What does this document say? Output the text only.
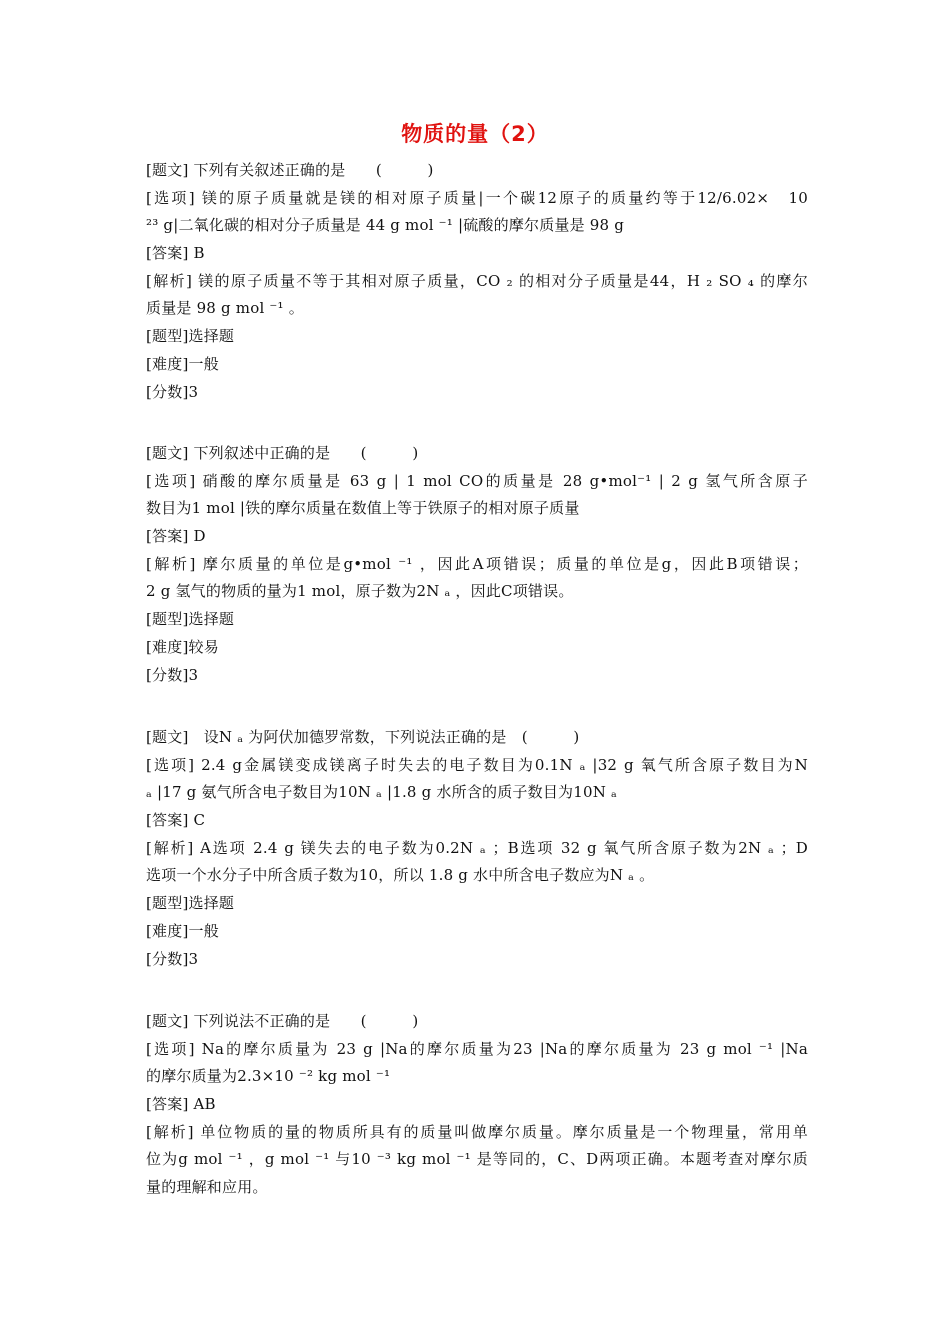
物质的量（2）
[题文] 下列有关叙述正确的是　　(　　　)
[选项] 镁的原子质量就是镁的相对原子质量|一个碳12原子的质量约等于12/6.02×　10
²³ g|二氧化碳的相对分子质量是 44 g mol ⁻¹ |硫酸的摩尔质量是 98 g
[答案] B
[解析] 镁的原子质量不等于其相对原子质量，CO ₂ 的相对分子质量是44，H ₂ SO ₄ 的摩尔
质量是 98 g mol ⁻¹ 。
[题型]选择题
[难度]一般
[分数]3
[题文] 下列叙述中正确的是　　(　　　)
[选项] 硝酸的摩尔质量是 63 g | 1 mol CO的质量是 28 g•mol⁻¹ | 2 g 氢气所含原子
数目为1 mol |铁的摩尔质量在数值上等于铁原子的相对原子质量
[答案] D
[解析] 摩尔质量的单位是g•mol ⁻¹ ，因此A项错误；质量的单位是g，因此B项错误；
2 g 氢气的物质的量为1 mol，原子数为2N ₐ ，因此C项错误。
[题型]选择题
[难度]较易
[分数]3
[题文]　设N ₐ 为阿伏加德罗常数，下列说法正确的是　(　　　)
[选项] 2.4 g金属镁变成镁离子时失去的电子数目为0.1N ₐ |32 g 氧气所含原子数目为N
ₐ |17 g 氨气所含电子数目为10N ₐ |1.8 g 水所含的质子数目为10N ₐ
[答案] C
[解析] A选项 2.4 g 镁失去的电子数为0.2N ₐ ；B选项 32 g 氧气所含原子数为2N ₐ ；D
选项一个水分子中所含质子数为10，所以 1.8 g 水中所含电子数应为N ₐ 。
[题型]选择题
[难度]一般
[分数]3
[题文] 下列说法不正确的是　　(　　　)
[选项] Na的摩尔质量为 23 g |Na的摩尔质量为23 |Na的摩尔质量为 23 g mol ⁻¹ |Na
的摩尔质量为2.3×10 ⁻² kg mol ⁻¹
[答案] AB
[解析] 单位物质的量的物质所具有的质量叫做摩尔质量。摩尔质量是一个物理量，常用单
位为g mol ⁻¹ ，g mol ⁻¹ 与10 ⁻³ kg mol ⁻¹ 是等同的，C、D两项正确。本题考查对摩尔质
量的理解和应用。
